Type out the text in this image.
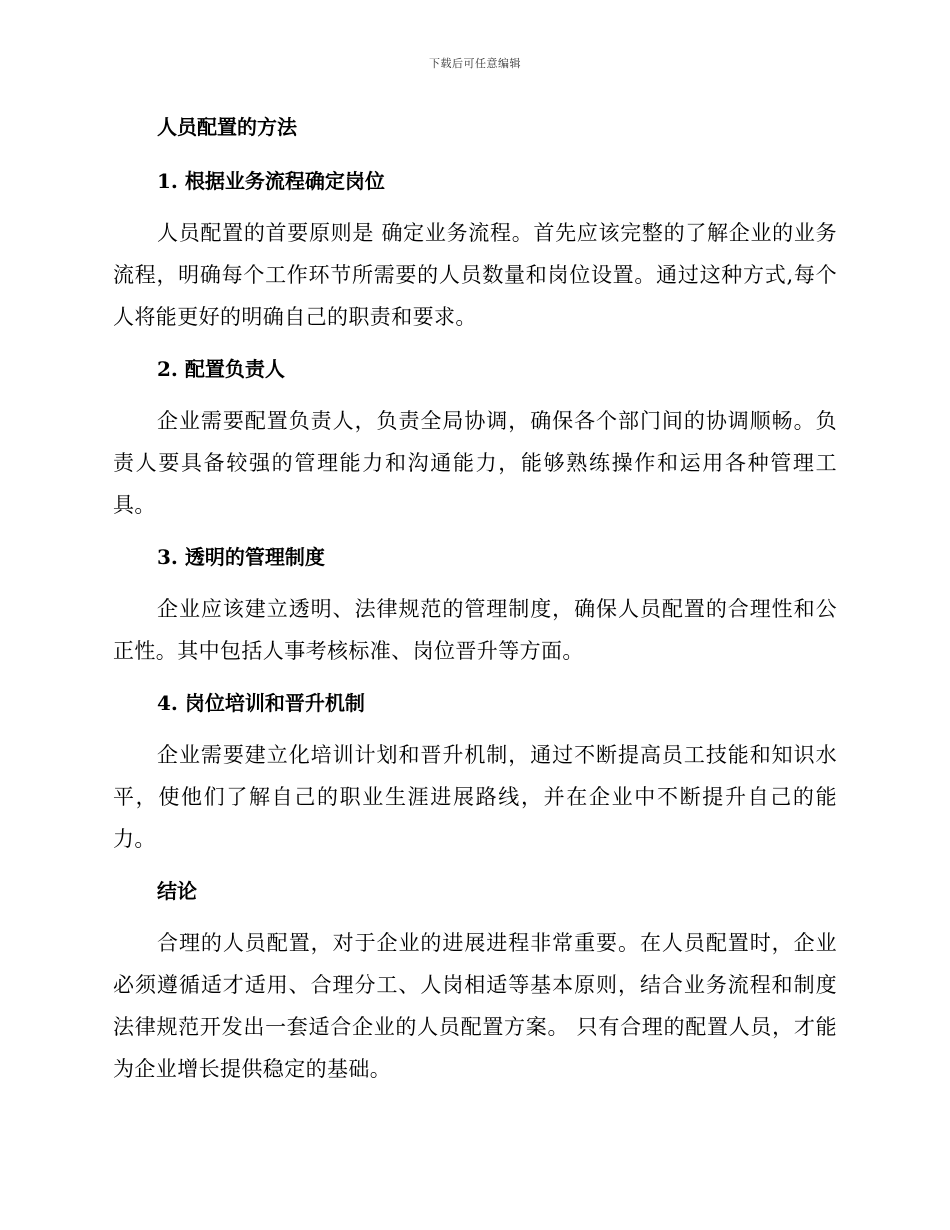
下载后可任意编辑
人员配置的方法
1. 根据业务流程确定岗位

人员配置的首要原则是 确定业务流程。首先应该完整的了解企业的业务流程，明确每个工作环节所需要的人员数量和岗位设置。通过这种方式,每个人将能更好的明确自己的职责和要求。

2. 配置负责人

企业需要配置负责人，负责全局协调，确保各个部门间的协调顺畅。负责人要具备较强的管理能力和沟通能力，能够熟练操作和运用各种管理工具。

3. 透明的管理制度

企业应该建立透明、法律规范的管理制度，确保人员配置的合理性和公正性。其中包括人事考核标准、岗位晋升等方面。

4. 岗位培训和晋升机制

企业需要建立化培训计划和晋升机制，通过不断提高员工技能和知识水平，使他们了解自己的职业生涯进展路线，并在企业中不断提升自己的能力。

结论

合理的人员配置，对于企业的进展进程非常重要。在人员配置时，企业必须遵循适才适用、合理分工、人岗相适等基本原则，结合业务流程和制度法律规范开发出一套适合企业的人员配置方案。 只有合理的配置人员，才能为企业增长提供稳定的基础。
